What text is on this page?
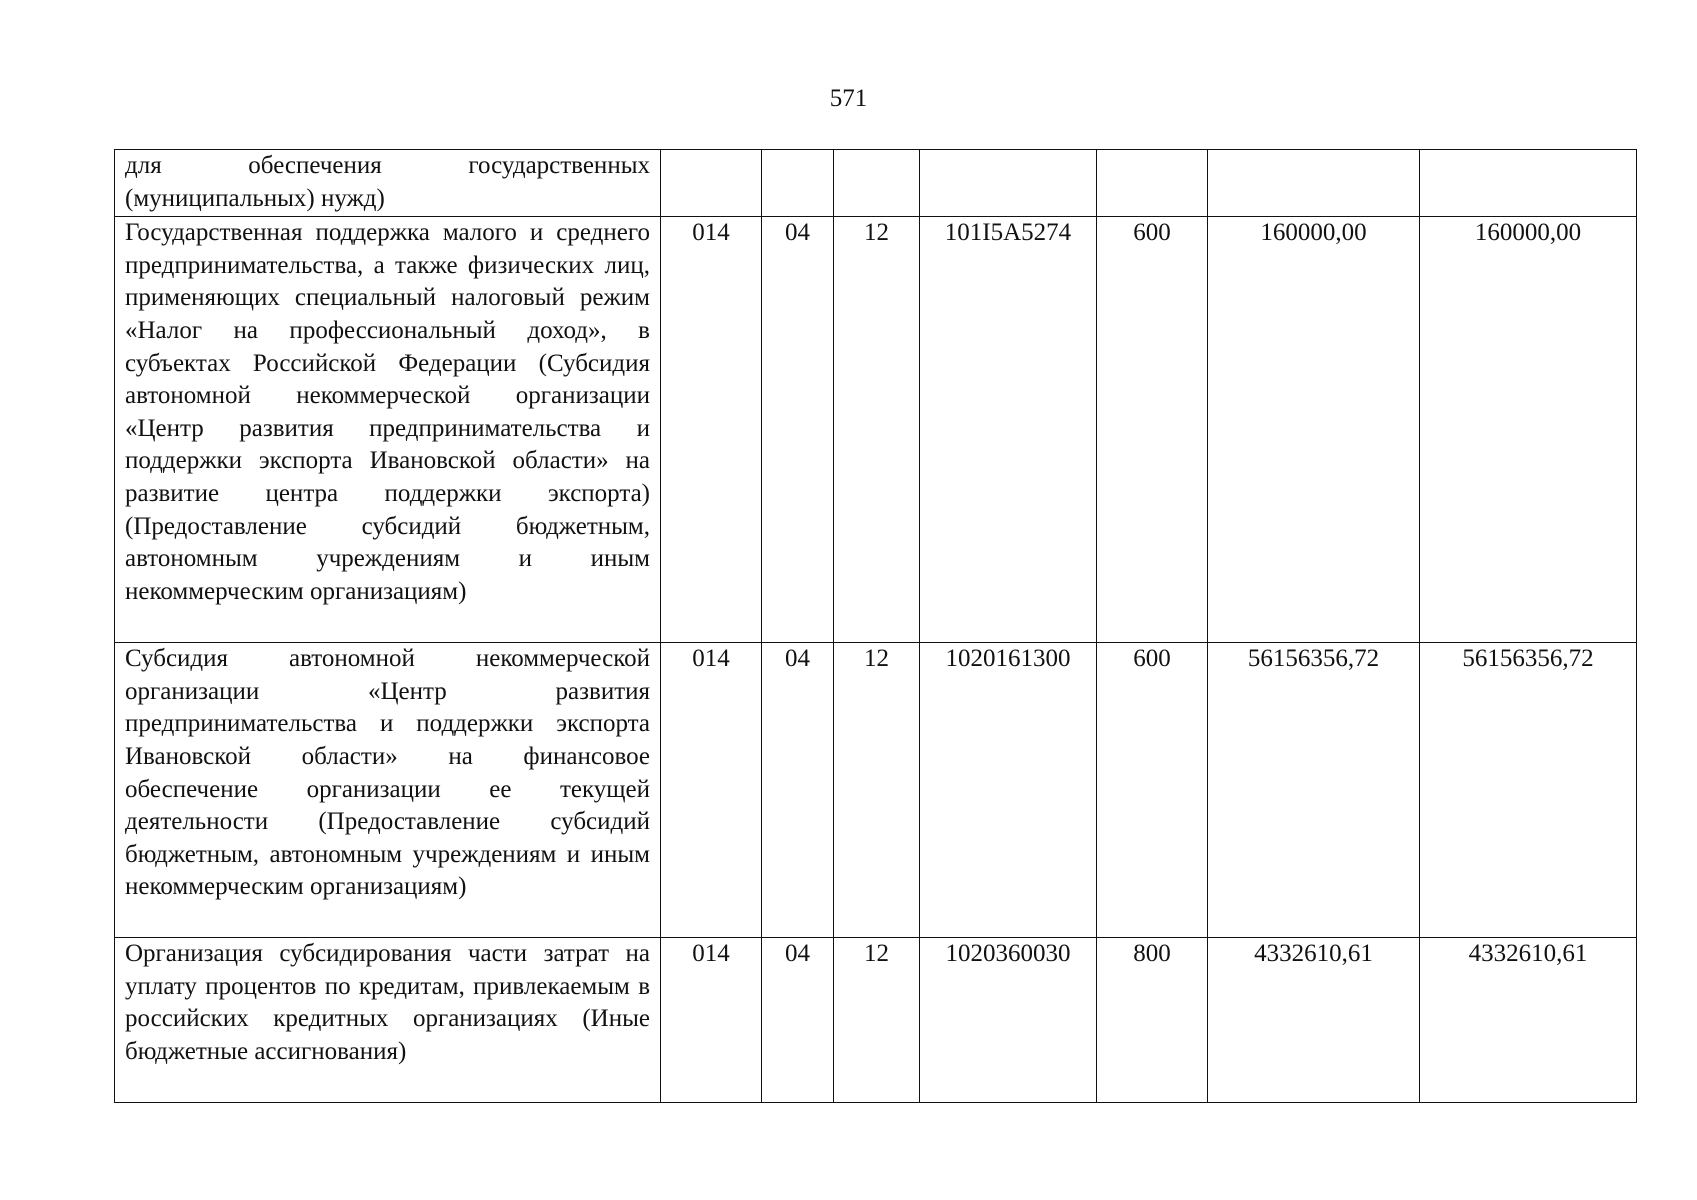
571
для обеспечения государственных (муниципальных) нужд)							
Государственная поддержка малого и среднего предпринимательства, а также физических лиц, применяющих специальный налоговый режим «Налог на профессиональный доход», в субъектах Российской Федерации (Субсидия автономной некоммерческой организации «Центр развития предпринимательства и поддержки экспорта Ивановской области» на развитие центра поддержки экспорта) (Предоставление субсидий бюджетным, автономным учреждениям и иным некоммерческим организациям)	014	04	12	101I5A5274	600	160000,00	160000,00
Субсидия автономной некоммерческой организации «Центр развития предпринимательства и поддержки экспорта Ивановской области» на финансовое обеспечение организации ее текущей деятельности (Предоставление субсидий бюджетным, автономным учреждениям и иным некоммерческим организациям)	014	04	12	1020161300	600	56156356,72	56156356,72
Организация субсидирования части затрат на уплату процентов по кредитам, привлекаемым в российских кредитных организациях (Иные бюджетные ассигнования)	014	04	12	1020360030	800	4332610,61	4332610,61
